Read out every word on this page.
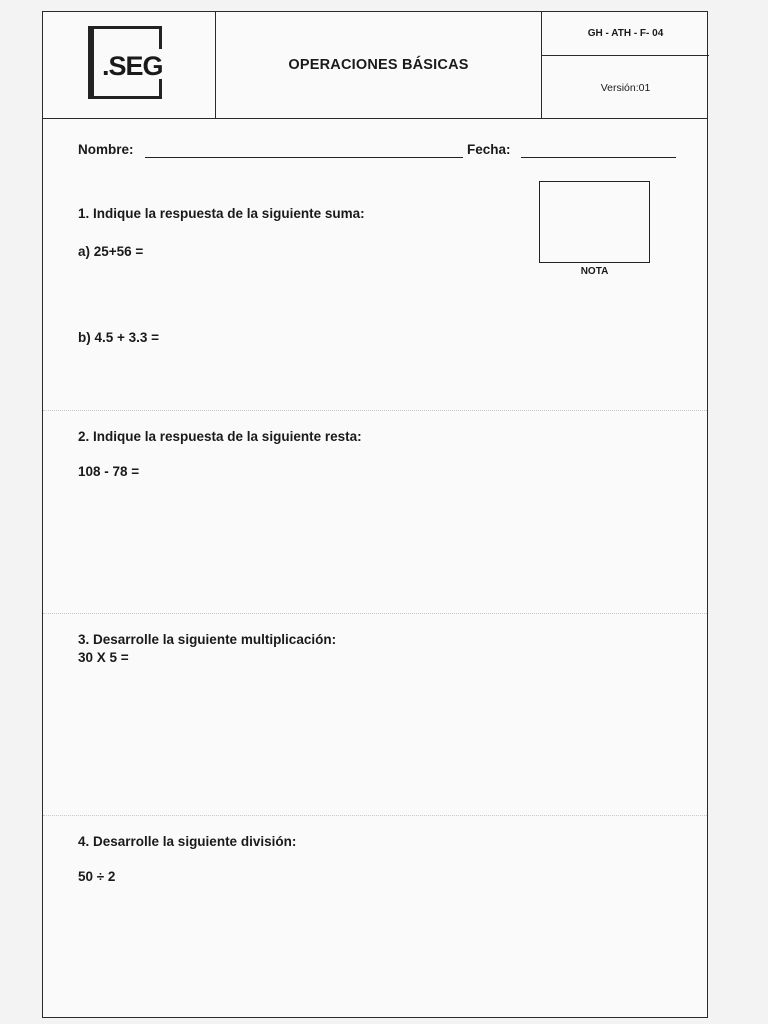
.SEG	OPERACIONES BÁSICAS
GH - ATH - F- 04
Versión:01
Nombre:	Fecha:
NOTA
1. Indique la respuesta de la siguiente suma:
a) 25+56 =
b) 4.5 + 3.3 =
2. Indique la respuesta de la siguiente resta:
108 - 78 =
3. Desarrolle la siguiente multiplicación:
30 X 5 =
4. Desarrolle la siguiente división:
50 ÷ 2
